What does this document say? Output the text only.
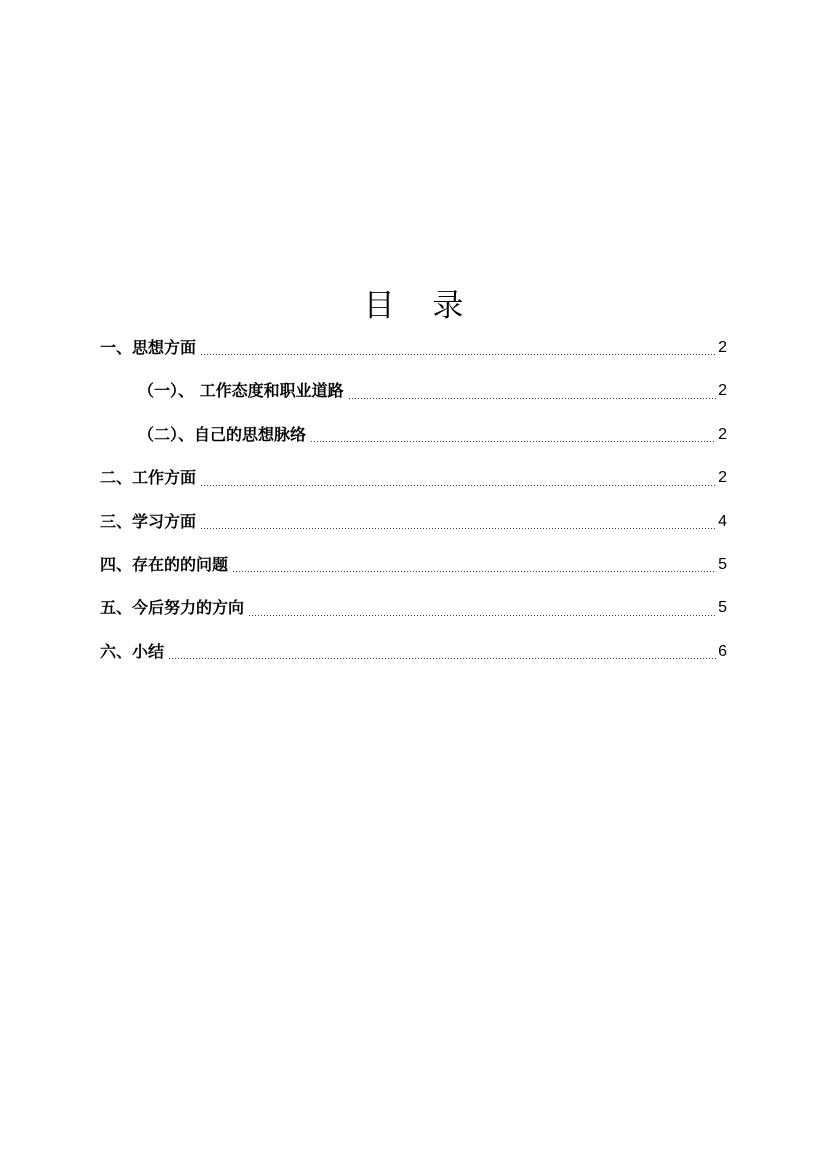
目 录
一、思想方面	2
（一）、 工作态度和职业道路	2
（二）、自己的思想脉络	2
二、工作方面	2
三、学习方面	4
四、存在的的问题	5
五、今后努力的方向	5
六、小结	6
